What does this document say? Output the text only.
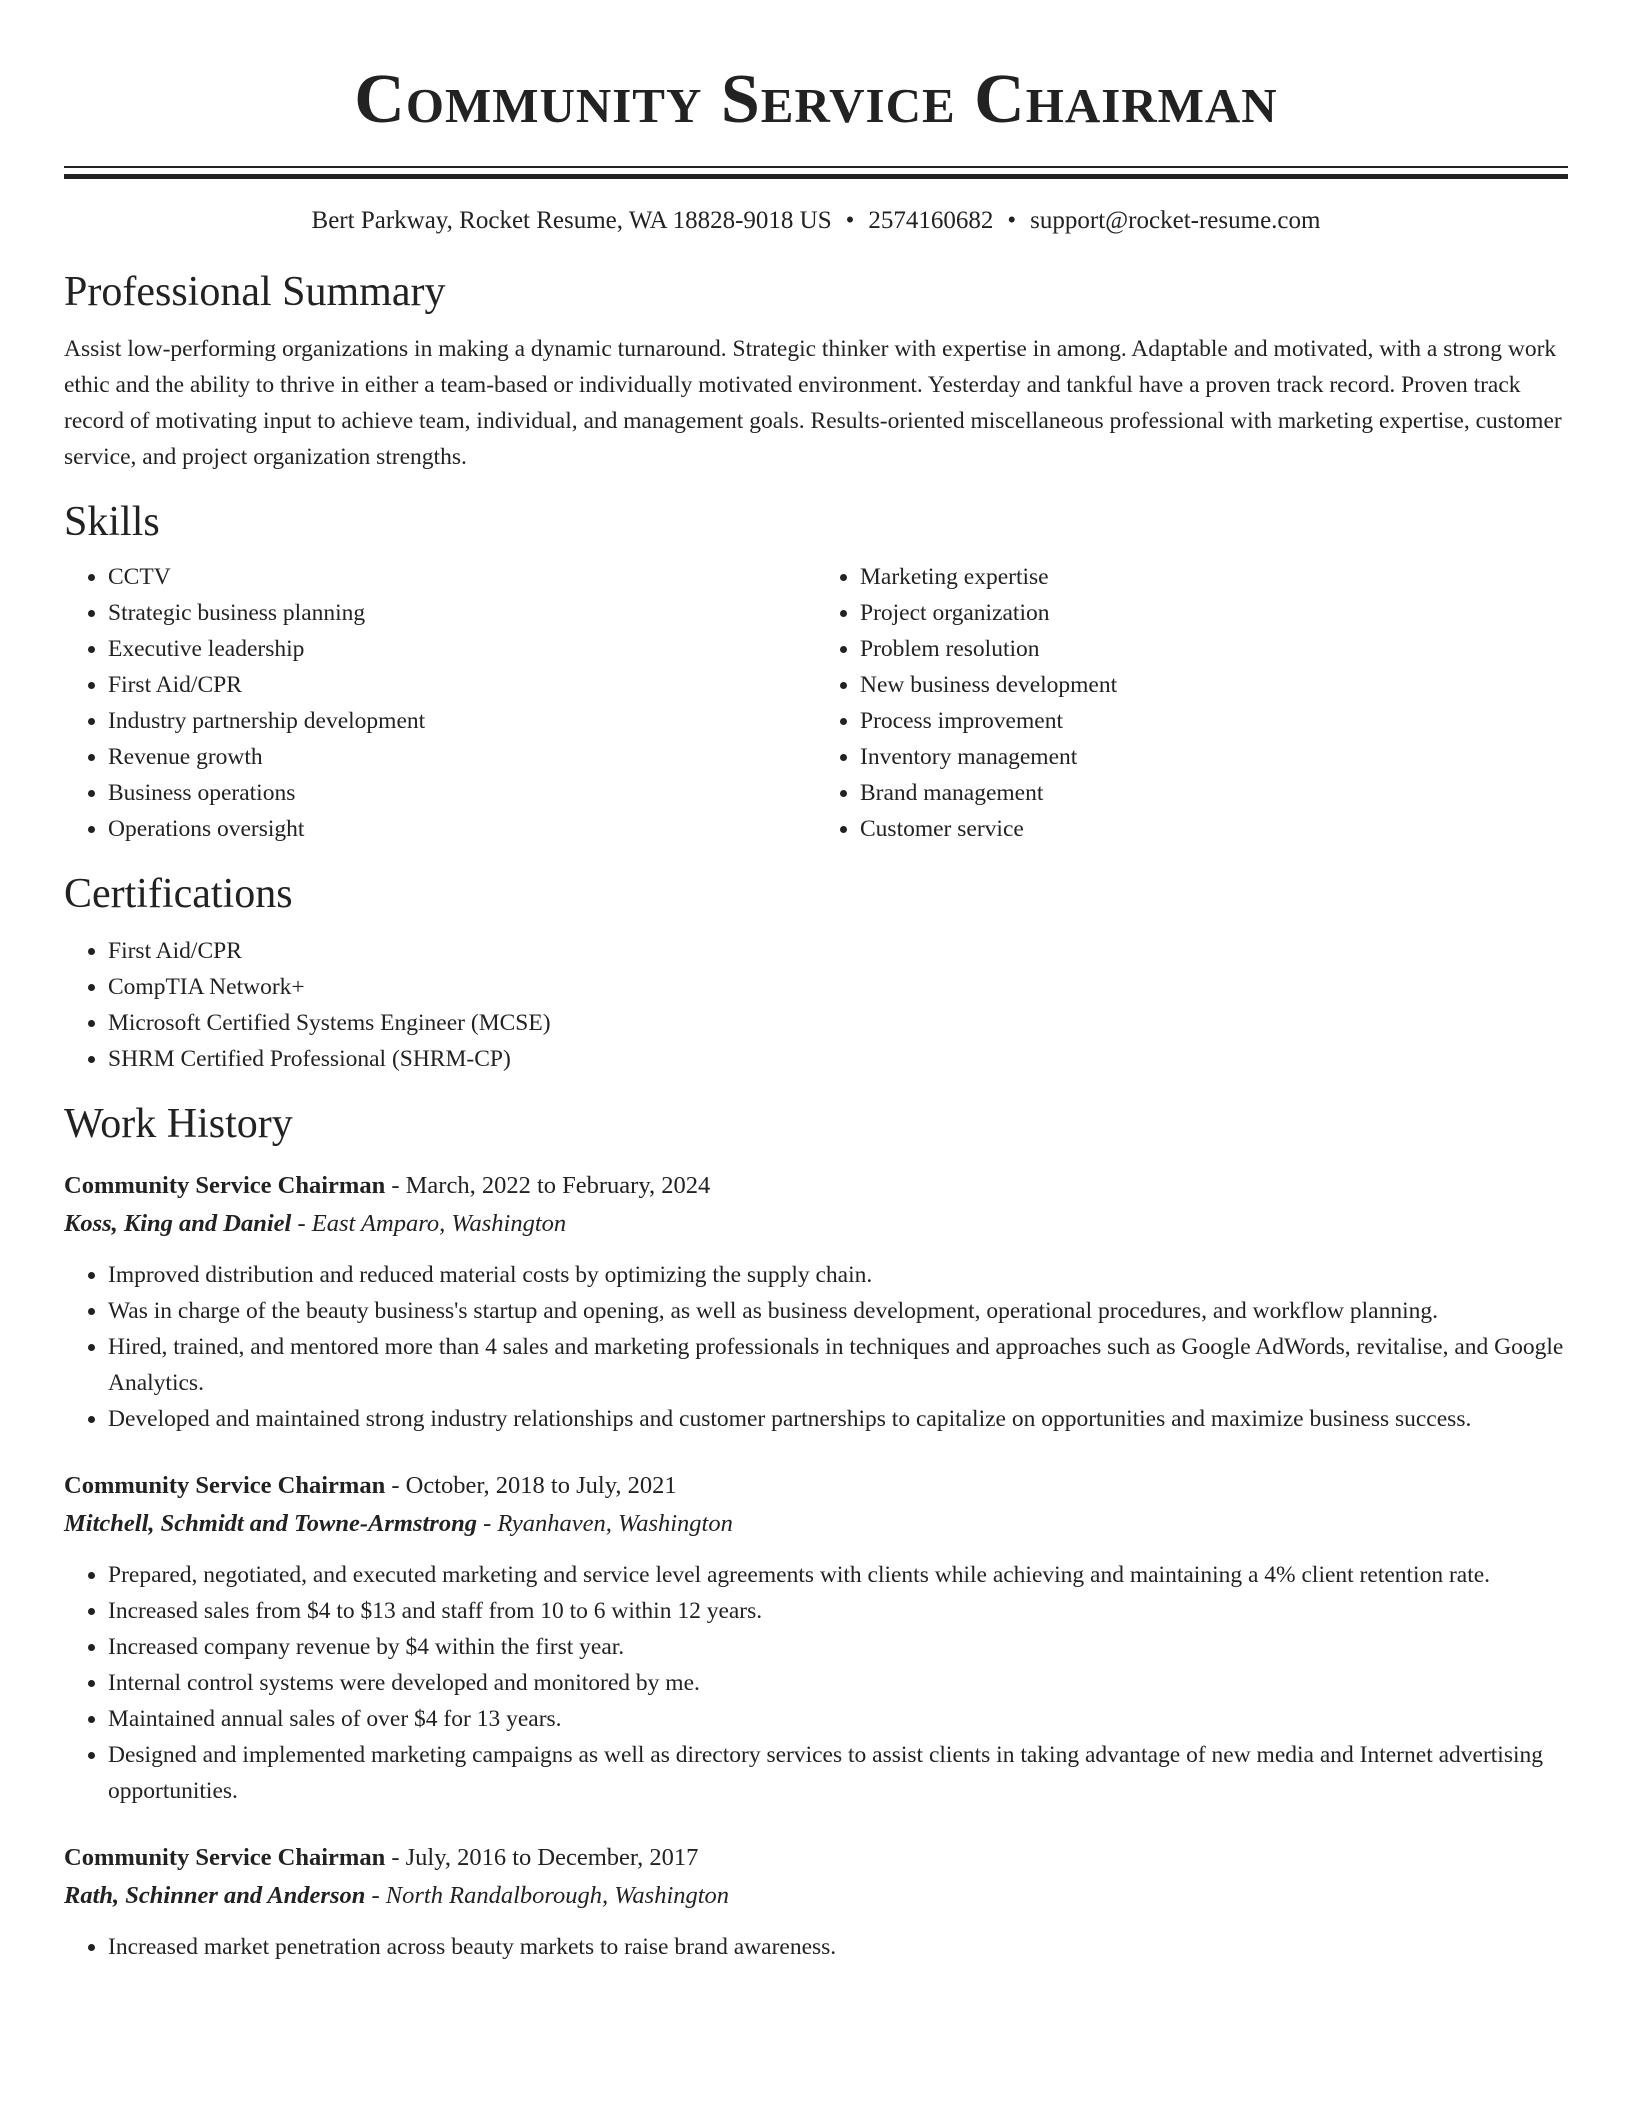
Community Service Chairman
Bert Parkway, Rocket Resume, WA 18828-9018 US • 2574160682 • support@rocket-resume.com
Professional Summary

Assist low-performing organizations in making a dynamic turnaround. Strategic thinker with expertise in among. Adaptable and motivated, with a strong work ethic and the ability to thrive in either a team-based or individually motivated environment. Yesterday and tankful have a proven track record. Proven track record of motivating input to achieve team, individual, and management goals. Results-oriented miscellaneous professional with marketing expertise, customer service, and project organization strengths.

Skills
• CCTV
• Strategic business planning
• Executive leadership
• First Aid/CPR
• Industry partnership development
• Revenue growth
• Business operations
• Operations oversight
• Marketing expertise
• Project organization
• Problem resolution
• New business development
• Process improvement
• Inventory management
• Brand management
• Customer service
Certifications
• First Aid/CPR
• CompTIA Network+
• Microsoft Certified Systems Engineer (MCSE)
• SHRM Certified Professional (SHRM-CP)
Work History
Community Service Chairman - March, 2022 to February, 2024
Koss, King and Daniel - East Amparo, Washington
• Improved distribution and reduced material costs by optimizing the supply chain.
• Was in charge of the beauty business's startup and opening, as well as business development, operational procedures, and workflow planning.
• Hired, trained, and mentored more than 4 sales and marketing professionals in techniques and approaches such as Google AdWords, revitalise, and Google Analytics.
• Developed and maintained strong industry relationships and customer partnerships to capitalize on opportunities and maximize business success.
Community Service Chairman - October, 2018 to July, 2021
Mitchell, Schmidt and Towne-Armstrong - Ryanhaven, Washington
• Prepared, negotiated, and executed marketing and service level agreements with clients while achieving and maintaining a 4% client retention rate.
• Increased sales from $4 to $13 and staff from 10 to 6 within 12 years.
• Increased company revenue by $4 within the first year.
• Internal control systems were developed and monitored by me.
• Maintained annual sales of over $4 for 13 years.
• Designed and implemented marketing campaigns as well as directory services to assist clients in taking advantage of new media and Internet advertising opportunities.
Community Service Chairman - July, 2016 to December, 2017
Rath, Schinner and Anderson - North Randalborough, Washington
• Increased market penetration across beauty markets to raise brand awareness.
